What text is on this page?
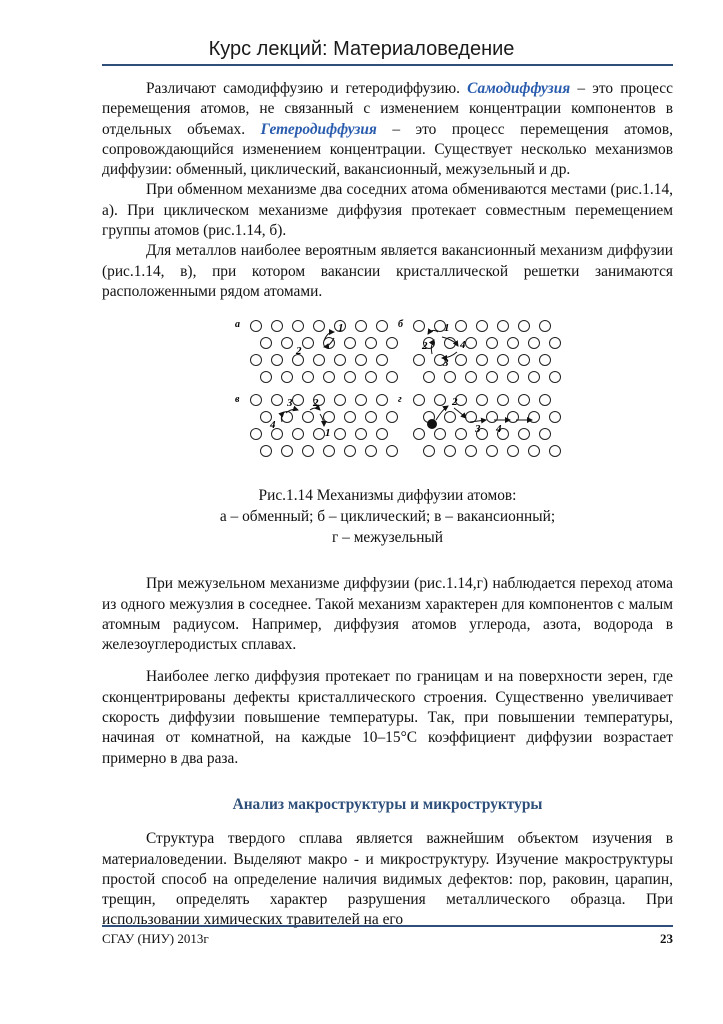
Курс лекций: Материаловедение

Различают самодиффузию и гетеродиффузию. Самодиффузия – это процесс перемещения атомов, не связанный с изменением концентрации компонентов в отдельных объемах. Гетеродиффузия – это процесс перемещения атомов, сопровождающийся изменением концентрации. Существует несколько механизмов диффузии: обменный, циклический, вакансионный, межузельный и др.

При обменном механизме два соседних атома обмениваются местами (рис.1.14, а). При циклическом механизме диффузия протекает совместным перемещением группы атомов (рис.1.14, б).

Для металлов наиболее вероятным является вакансионный механизм диффузии (рис.1.14, в), при котором вакансии кристаллической решетки занимаются расположенными рядом атомами.

а	б
в	г
1
2
1
2
3
4
3 2
4
1
2
3 4

Рис.1.14 Механизмы диффузии атомов:

а – обменный; б – циклический; в – вакансионный;

г – межузельный

При межузельном механизме диффузии (рис.1.14,г) наблюдается переход атома из одного межузлия в соседнее. Такой механизм характерен для компонентов с малым атомным радиусом. Например, диффузия атомов углерода, азота, водорода в железоуглеродистых сплавах.

Наиболее легко диффузия протекает по границам и на поверхности зерен, где сконцентрированы дефекты кристаллического строения. Существенно увеличивает скорость диффузии повышение температуры. Так, при повышении температуры, начиная от комнатной, на каждые 10–15°С коэффициент диффузии возрастает примерно в два раза.

Анализ макроструктуры и микроструктуры

Структура твердого сплава является важнейшим объектом изучения в материаловедении. Выделяют макро - и микроструктуру. Изучение макроструктуры простой способ на определение наличия видимых дефектов: пор, раковин, царапин, трещин, определять характер разрушения металлического образца. При использовании химических травителей на его

СГАУ (НИУ) 2013г	23
